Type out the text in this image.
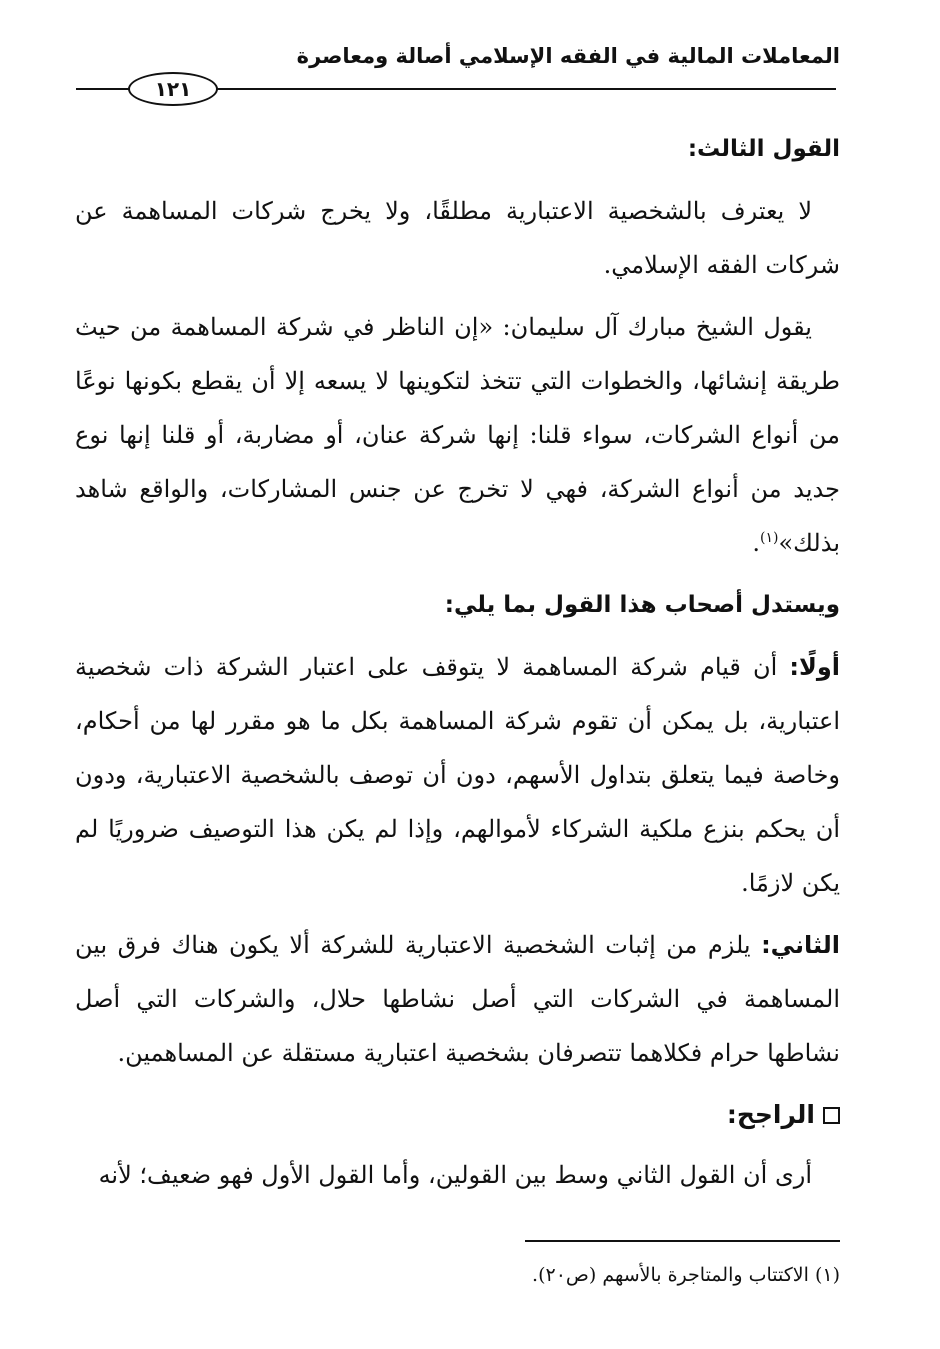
المعاملات المالية في الفقه الإسلامي أصالة ومعاصرة
١٢١

القول الثالث:

لا يعترف بالشخصية الاعتبارية مطلقًا، ولا يخرج شركات المساهمة عن شركات الفقه الإسلامي.

يقول الشيخ مبارك آل سليمان: «إن الناظر في شركة المساهمة من حيث طريقة إنشائها، والخطوات التي تتخذ لتكوينها لا يسعه إلا أن يقطع بكونها نوعًا من أنواع الشركات، سواء قلنا: إنها شركة عنان، أو مضاربة، أو قلنا إنها نوع جديد من أنواع الشركة، فهي لا تخرج عن جنس المشاركات، والواقع شاهد بذلك»$^{(١)}$.

ويستدل أصحاب هذا القول بما يلي:

أولًا: أن قيام شركة المساهمة لا يتوقف على اعتبار الشركة ذات شخصية اعتبارية، بل يمكن أن تقوم شركة المساهمة بكل ما هو مقرر لها من أحكام، وخاصة فيما يتعلق بتداول الأسهم، دون أن توصف بالشخصية الاعتبارية، ودون أن يحكم بنزع ملكية الشركاء لأموالهم، وإذا لم يكن هذا التوصيف ضروريًا لم يكن لازمًا.

الثاني: يلزم من إثبات الشخصية الاعتبارية للشركة ألا يكون هناك فرق بين المساهمة في الشركات التي أصل نشاطها حلال، والشركات التي أصل نشاطها حرام فكلاهما تتصرفان بشخصية اعتبارية مستقلة عن المساهمين.

الراجح:

أرى أن القول الثاني وسط بين القولين، وأما القول الأول فهو ضعيف؛ لأنه

(١) الاكتتاب والمتاجرة بالأسهم (ص٢٠).
